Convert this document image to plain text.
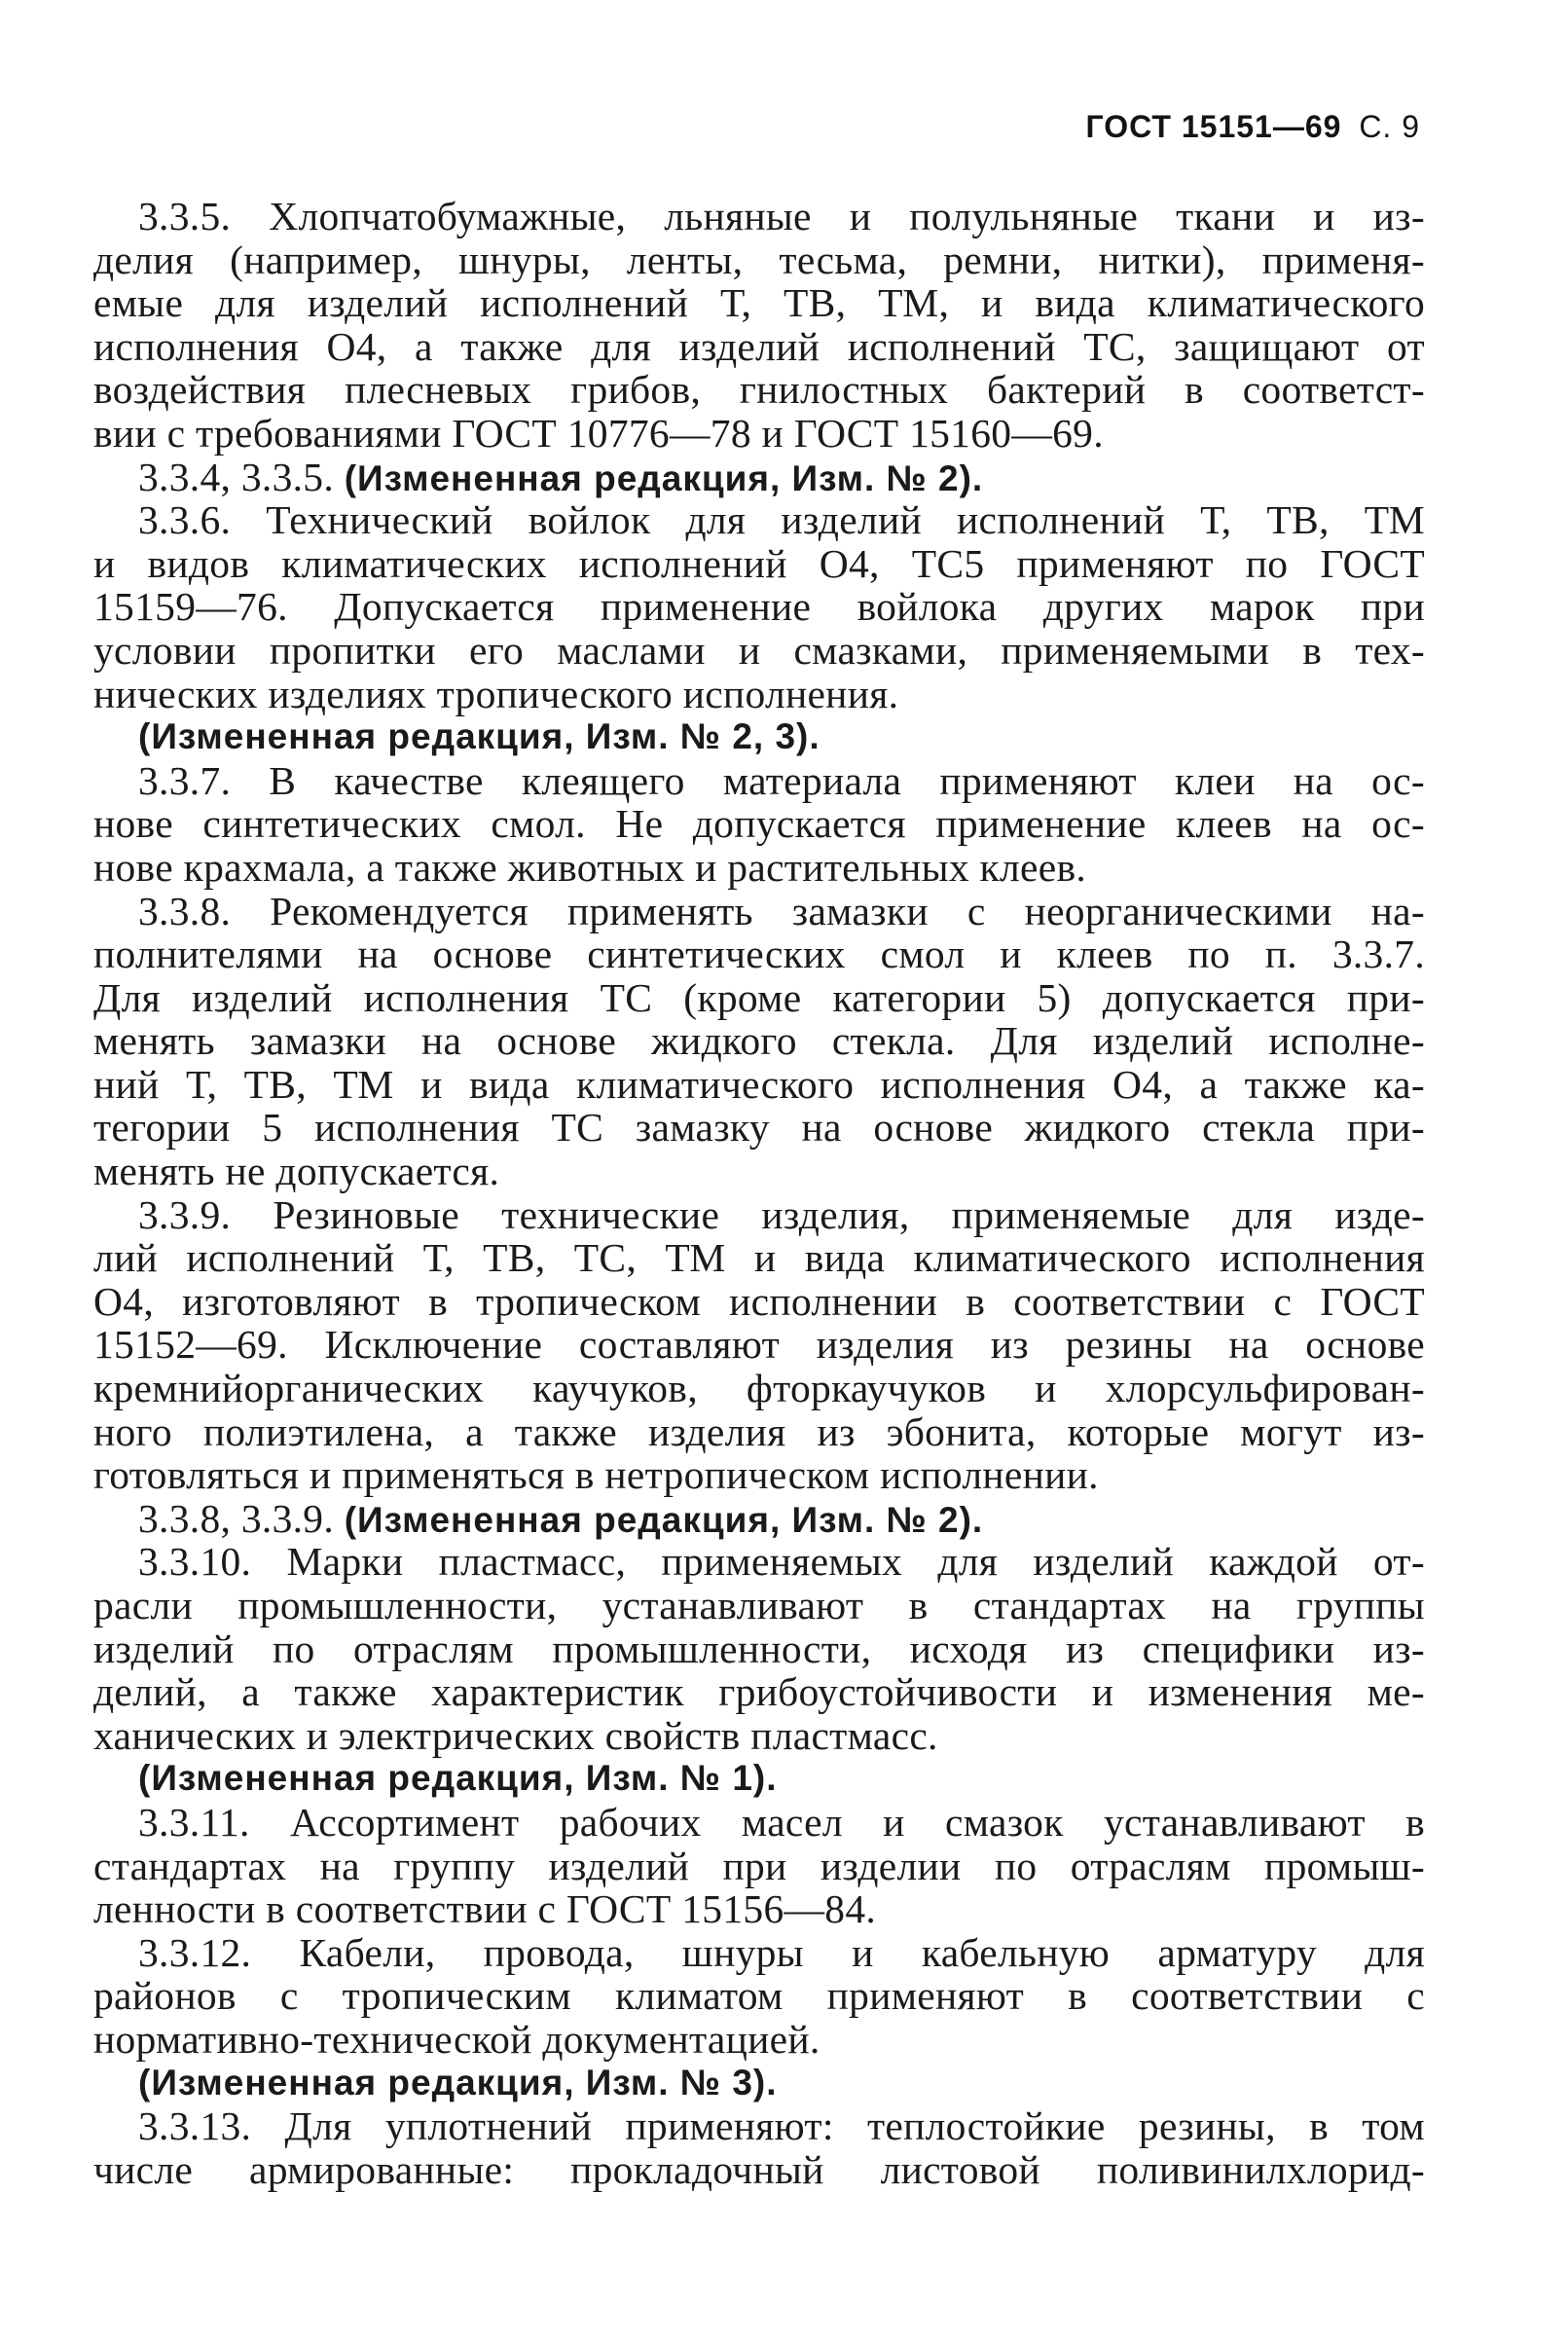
ГОСТ 15151—69 С. 9
3.3.5. Хлопчатобумажные, льняные и полульняные ткани и из-
делия (например, шнуры, ленты, тесьма, ремни, нитки), применя-
емые для изделий исполнений Т, ТВ, ТМ, и вида климатического
исполнения О4, а также для изделий исполнений ТС, защищают от
воздействия плесневых грибов, гнилостных бактерий в соответст-
вии с требованиями ГОСТ 10776—78 и ГОСТ 15160—69.
3.3.4, 3.3.5. (Измененная редакция, Изм. № 2).
3.3.6. Технический войлок для изделий исполнений Т, ТВ, ТМ
и видов климатических исполнений О4, ТС5 применяют по ГОСТ
15159—76. Допускается применение войлока других марок при
условии пропитки его маслами и смазками, применяемыми в тех-
нических изделиях тропического исполнения.
(Измененная редакция, Изм. № 2, 3).
3.3.7. В качестве клеящего материала применяют клеи на ос-
нове синтетических смол. Не допускается применение клеев на ос-
нове крахмала, а также животных и растительных клеев.
3.3.8. Рекомендуется применять замазки с неорганическими на-
полнителями на основе синтетических смол и клеев по п. 3.3.7.
Для изделий исполнения ТС (кроме категории 5) допускается при-
менять замазки на основе жидкого стекла. Для изделий исполне-
ний Т, ТВ, ТМ и вида климатического исполнения О4, а также ка-
тегории 5 исполнения ТС замазку на основе жидкого стекла при-
менять не допускается.
3.3.9. Резиновые технические изделия, применяемые для изде-
лий исполнений Т, ТВ, ТС, ТМ и вида климатического исполнения
О4, изготовляют в тропическом исполнении в соответствии с ГОСТ
15152—69. Исключение составляют изделия из резины на основе
кремнийорганических каучуков, фторкаучуков и хлорсульфирован-
ного полиэтилена, а также изделия из эбонита, которые могут из-
готовляться и применяться в нетропическом исполнении.
3.3.8, 3.3.9. (Измененная редакция, Изм. № 2).
3.3.10. Марки пластмасс, применяемых для изделий каждой от-
расли промышленности, устанавливают в стандартах на группы
изделий по отраслям промышленности, исходя из специфики из-
делий, а также характеристик грибоустойчивости и изменения ме-
ханических и электрических свойств пластмасс.
(Измененная редакция, Изм. № 1).
3.3.11. Ассортимент рабочих масел и смазок устанавливают в
стандартах на группу изделий при изделии по отраслям промыш-
ленности в соответствии с ГОСТ 15156—84.
3.3.12. Кабели, провода, шнуры и кабельную арматуру для
районов с тропическим климатом применяют в соответствии с
нормативно-технической документацией.
(Измененная редакция, Изм. № 3).
3.3.13. Для уплотнений применяют: теплостойкие резины, в том
числе армированные: прокладочный листовой поливинилхлорид-
